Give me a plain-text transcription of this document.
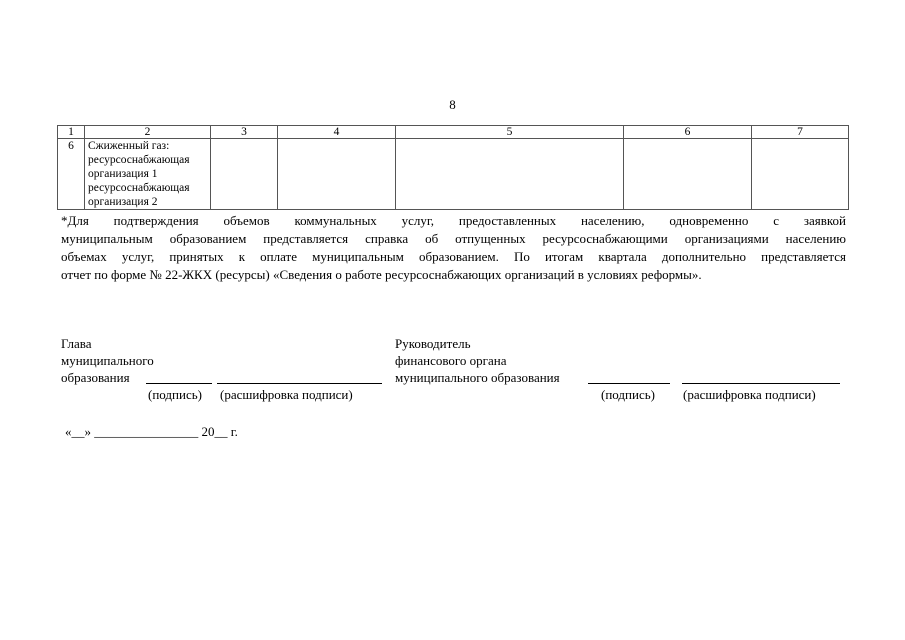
8
1	2	3	4	5	6	7
6	Сжиженный газ:
ресурсоснабжающая
организация 1
ресурсоснабжающая
организация 2					

*Для подтверждения объемов коммунальных услуг, предоставленных населению, одновременно с заявкой
муниципальным образованием представляется справка об отпущенных ресурсоснабжающими организациями населению
объемах услуг, принятых к оплате муниципальным образованием. По итогам квартала дополнительно представляется
отчет по форме № 22-ЖКХ (ресурсы) «Сведения о работе ресурсоснабжающих организаций в условиях реформы».
Глава
муниципального
образования
(подпись) (расшифровка подписи)
Руководитель
финансового органа
муниципального образования
(подпись) (расшифровка подписи)
«__» ________________ 20__ г.
